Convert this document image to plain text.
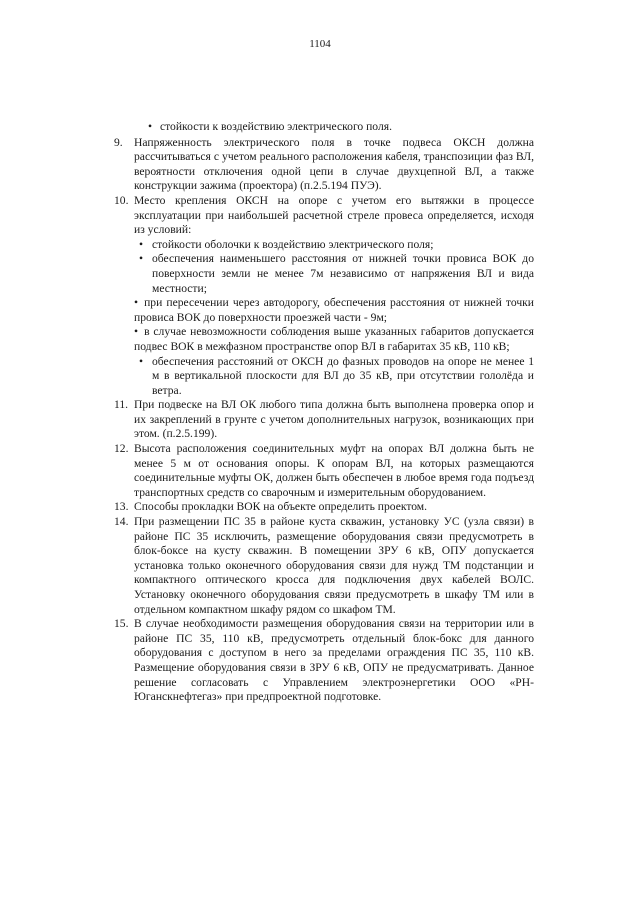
1104
• стойкости к воздействию электрического поля.
9. Напряженность электрического поля в точке подвеса ОКСН должна рассчитываться с учетом реального расположения кабеля, транспозиции фаз ВЛ, вероятности отключения одной цепи в случае двухцепной ВЛ, а также конструкции зажима (проектора) (п.2.5.194 ПУЭ).

10. Место крепления ОКСН на опоре с учетом его вытяжки в процессе эксплуатации при наибольшей расчетной стреле провеса определяется, исходя из условий:

• стойкости оболочки к воздействию электрического поля;

• обеспечения наименьшего расстояния от нижней точки провиса ВОК до поверхности земли не менее 7м независимо от напряжения ВЛ и вида местности;

• при пересечении через автодорогу, обеспечения расстояния от нижней точки провиса ВОК до поверхности проезжей части - 9м;

• в случае невозможности соблюдения выше указанных габаритов допускается подвес ВОК в межфазном пространстве опор ВЛ в габаритах 35 кВ, 110 кВ;

• обеспечения расстояний от ОКСН до фазных проводов на опоре не менее 1 м в вертикальной плоскости для ВЛ до 35 кВ, при отсутствии гололёда и ветра.

11. При подвеске на ВЛ ОК любого типа должна быть выполнена проверка опор и их закреплений в грунте с учетом дополнительных нагрузок, возникающих при этом. (п.2.5.199).

12. Высота расположения соединительных муфт на опорах ВЛ должна быть не менее 5 м от основания опоры. К опорам ВЛ, на которых размещаются соединительные муфты ОК, должен быть обеспечен в любое время года подъезд транспортных средств со сварочным и измерительным оборудованием.

13. Способы прокладки ВОК на объекте определить проектом.

14. При размещении ПС 35 в районе куста скважин, установку УС (узла связи) в районе ПС 35 исключить, размещение оборудования связи предусмотреть в блок-боксе на кусту скважин. В помещении ЗРУ 6 кВ, ОПУ допускается установка только оконечного оборудования связи для нужд ТМ подстанции и компактного оптического кросса для подключения двух кабелей ВОЛС. Установку оконечного оборудования связи предусмотреть в шкафу ТМ или в отдельном компактном шкафу рядом со шкафом ТМ.

15. В случае необходимости размещения оборудования связи на территории или в районе ПС 35, 110 кВ, предусмотреть отдельный блок-бокс для данного оборудования с доступом в него за пределами ограждения ПС 35, 110 кВ. Размещение оборудования связи в ЗРУ 6 кВ, ОПУ не предусматривать. Данное решение согласовать с Управлением электроэнергетики ООО «РН-Юганскнефтегаз» при предпроектной подготовке.
